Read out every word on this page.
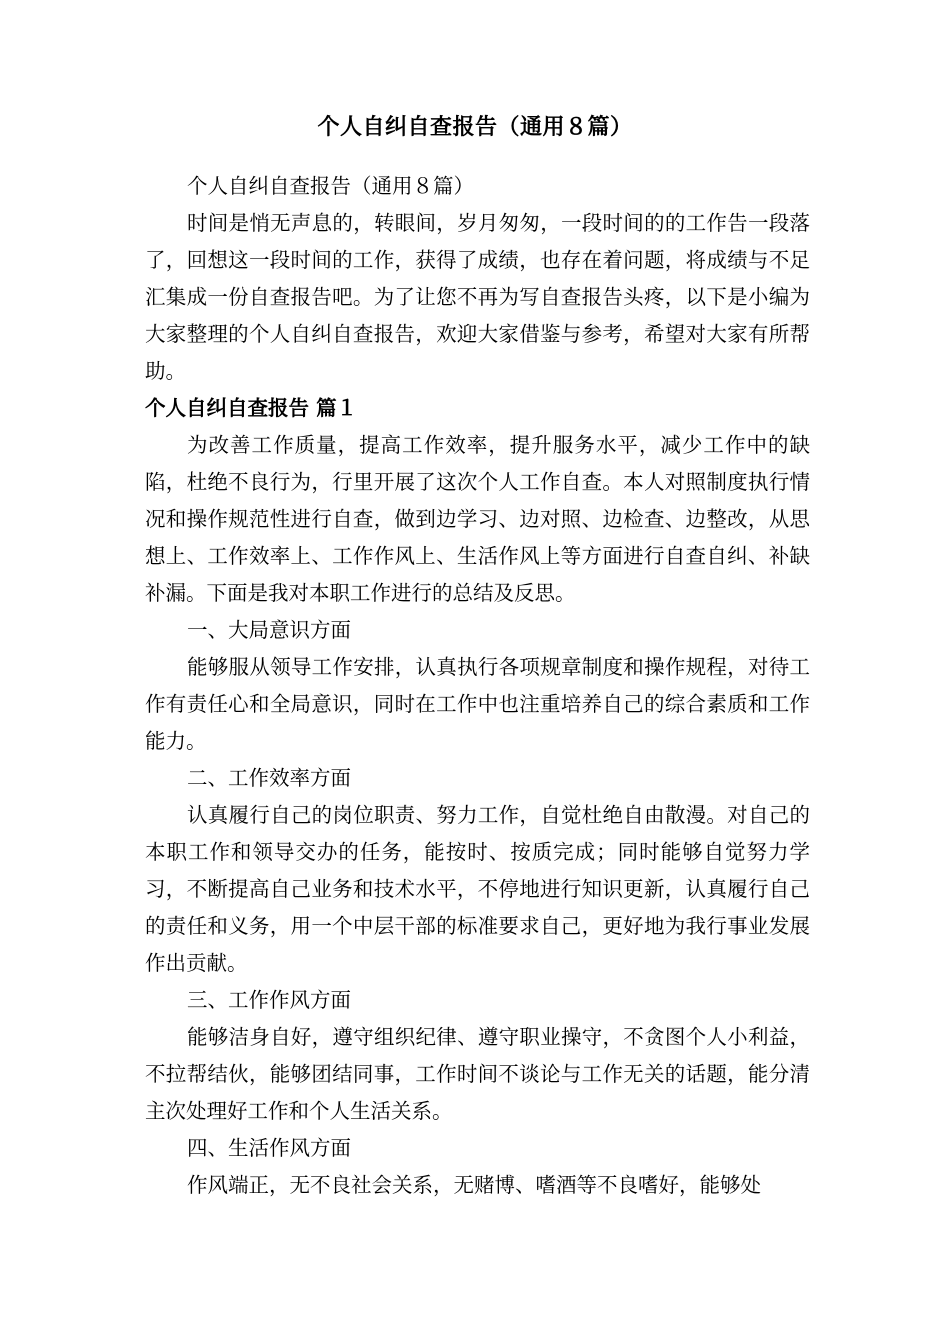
个人自纠自查报告（通用８篇）

个人自纠自查报告（通用８篇）

时间是悄无声息的，转眼间，岁月匆匆，一段时间的的工作告一段落了，回想这一段时间的工作，获得了成绩，也存在着问题，将成绩与不足汇集成一份自查报告吧。为了让您不再为写自查报告头疼，以下是小编为大家整理的个人自纠自查报告，欢迎大家借鉴与参考，希望对大家有所帮助。

个人自纠自查报告 篇１

为改善工作质量，提高工作效率，提升服务水平，减少工作中的缺陷，杜绝不良行为，行里开展了这次个人工作自查。本人对照制度执行情况和操作规范性进行自查，做到边学习、边对照、边检查、边整改，从思想上、工作效率上、工作作风上、生活作风上等方面进行自查自纠、补缺补漏。下面是我对本职工作进行的总结及反思。

一、大局意识方面

能够服从领导工作安排，认真执行各项规章制度和操作规程，对待工作有责任心和全局意识，同时在工作中也注重培养自己的综合素质和工作能力。

二、工作效率方面

认真履行自己的岗位职责、努力工作，自觉杜绝自由散漫。对自己的本职工作和领导交办的任务，能按时、按质完成；同时能够自觉努力学习，不断提高自己业务和技术水平，不停地进行知识更新，认真履行自己的责任和义务，用一个中层干部的标准要求自己，更好地为我行事业发展作出贡献。

三、工作作风方面

能够洁身自好，遵守组织纪律、遵守职业操守，不贪图个人小利益，不拉帮结伙，能够团结同事，工作时间不谈论与工作无关的话题，能分清主次处理好工作和个人生活关系。

四、生活作风方面

作风端正，无不良社会关系，无赌博、嗜酒等不良嗜好，能够处
